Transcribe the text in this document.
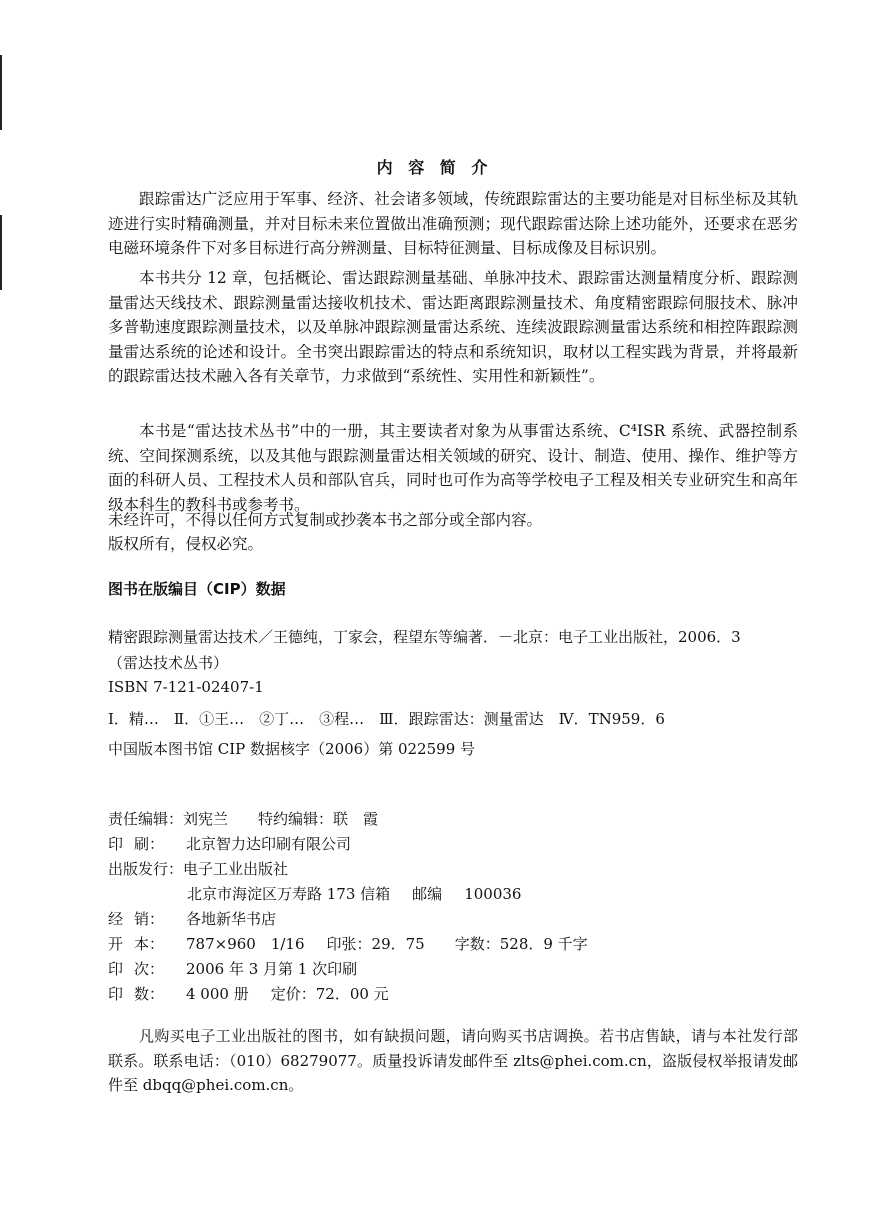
内 容 简 介
跟踪雷达广泛应用于军事、经济、社会诸多领域，传统跟踪雷达的主要功能是对目标坐标及其轨迹进行实时精确测量，并对目标未来位置做出准确预测；现代跟踪雷达除上述功能外，还要求在恶劣电磁环境条件下对多目标进行高分辨测量、目标特征测量、目标成像及目标识别。
本书共分 12 章，包括概论、雷达跟踪测量基础、单脉冲技术、跟踪雷达测量精度分析、跟踪测量雷达天线技术、跟踪测量雷达接收机技术、雷达距离跟踪测量技术、角度精密跟踪伺服技术、脉冲多普勒速度跟踪测量技术，以及单脉冲跟踪测量雷达系统、连续波跟踪测量雷达系统和相控阵跟踪测量雷达系统的论述和设计。全书突出跟踪雷达的特点和系统知识，取材以工程实践为背景，并将最新的跟踪雷达技术融入各有关章节，力求做到“系统性、实用性和新颖性”。
本书是“雷达技术丛书”中的一册，其主要读者对象为从事雷达系统、C⁴ISR 系统、武器控制系统、空间探测系统，以及其他与跟踪测量雷达相关领域的研究、设计、制造、使用、操作、维护等方面的科研人员、工程技术人员和部队官兵，同时也可作为高等学校电子工程及相关专业研究生和高年级本科生的教科书或参考书。
未经许可，不得以任何方式复制或抄袭本书之部分或全部内容。
版权所有，侵权必究。
图书在版编目（CIP）数据
精密跟踪测量雷达技术／王德纯，丁家会，程望东等编著．－北京：电子工业出版社，2006．3
（雷达技术丛书）
ISBN 7-121-02407-1
Ⅰ．精…　Ⅱ．①王…　②丁…　③程…　Ⅲ．跟踪雷达：测量雷达　Ⅳ．TN959．6
中国版本图书馆 CIP 数据核字（2006）第 022599 号
责任编辑：刘宪兰 特约编辑：联　霞
印 刷： 北京智力达印刷有限公司
出版发行：电子工业出版社
北京市海淀区万寿路 173 信箱 邮编 100036
经 销： 各地新华书店
开 本： 787×960　1/16 印张：29．75 字数：528．9 千字
印 次： 2006 年 3 月第 1 次印刷
印 数： 4 000 册 定价：72．00 元
凡购买电子工业出版社的图书，如有缺损问题，请向购买书店调换。若书店售缺，请与本社发行部联系。联系电话：（010）68279077。质量投诉请发邮件至 zlts@phei.com.cn，盗版侵权举报请发邮件至 dbqq@phei.com.cn。
